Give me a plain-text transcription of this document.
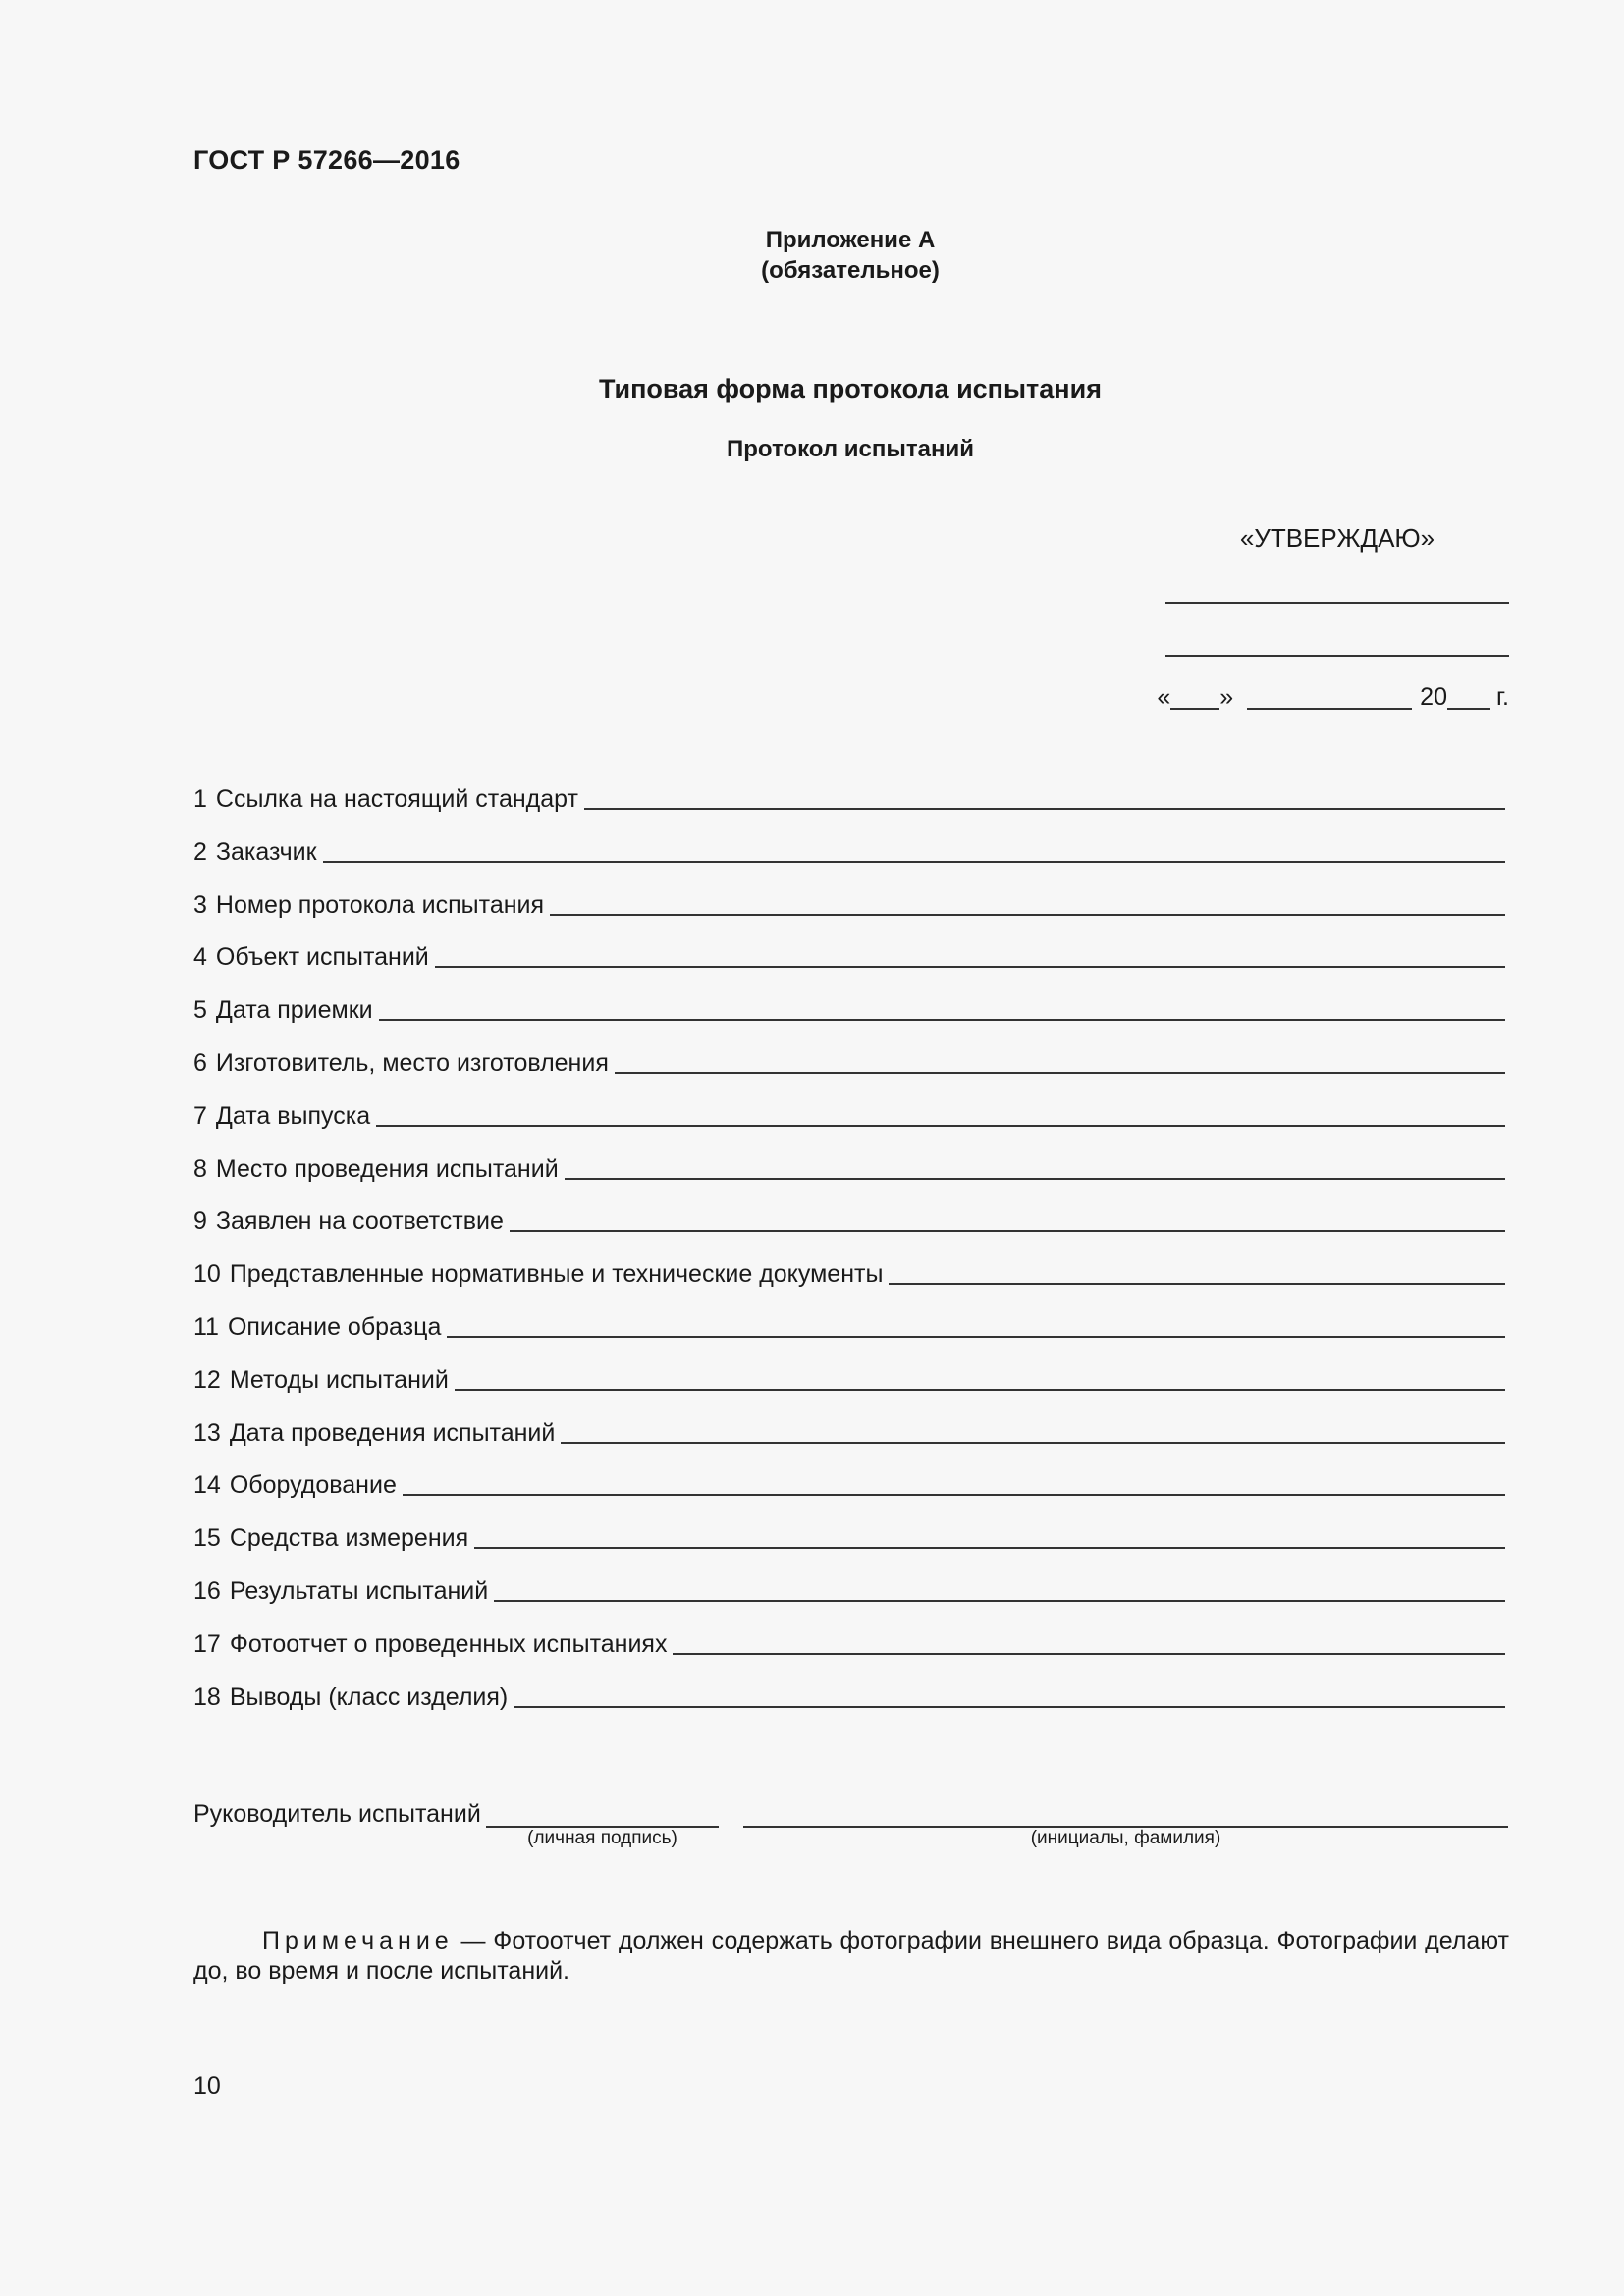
ГОСТ Р 57266—2016
Приложение А
(обязательное)
Типовая форма протокола испытания
Протокол испытаний
«УТВЕРЖДАЮ»
« »	20 г.
1 Ссылка на настоящий стандарт
2 Заказчик
3 Номер протокола испытания
4 Объект испытаний
5 Дата приемки
6 Изготовитель, место изготовления
7 Дата выпуска
8 Место проведения испытаний
9 Заявлен на соответствие
10 Представленные нормативные и технические документы
11 Описание образца
12 Методы испытаний
13 Дата проведения испытаний
14 Оборудование
15 Средства измерения
16 Результаты испытаний
17 Фотоотчет о проведенных испытаниях
18 Выводы (класс изделия)
Руководитель испытаний
(личная подпись)	(инициалы, фамилия)
Примечание — Фотоотчет должен содержать фотографии внешнего вида образца. Фотографии делают до, во время и после испытаний.
10
